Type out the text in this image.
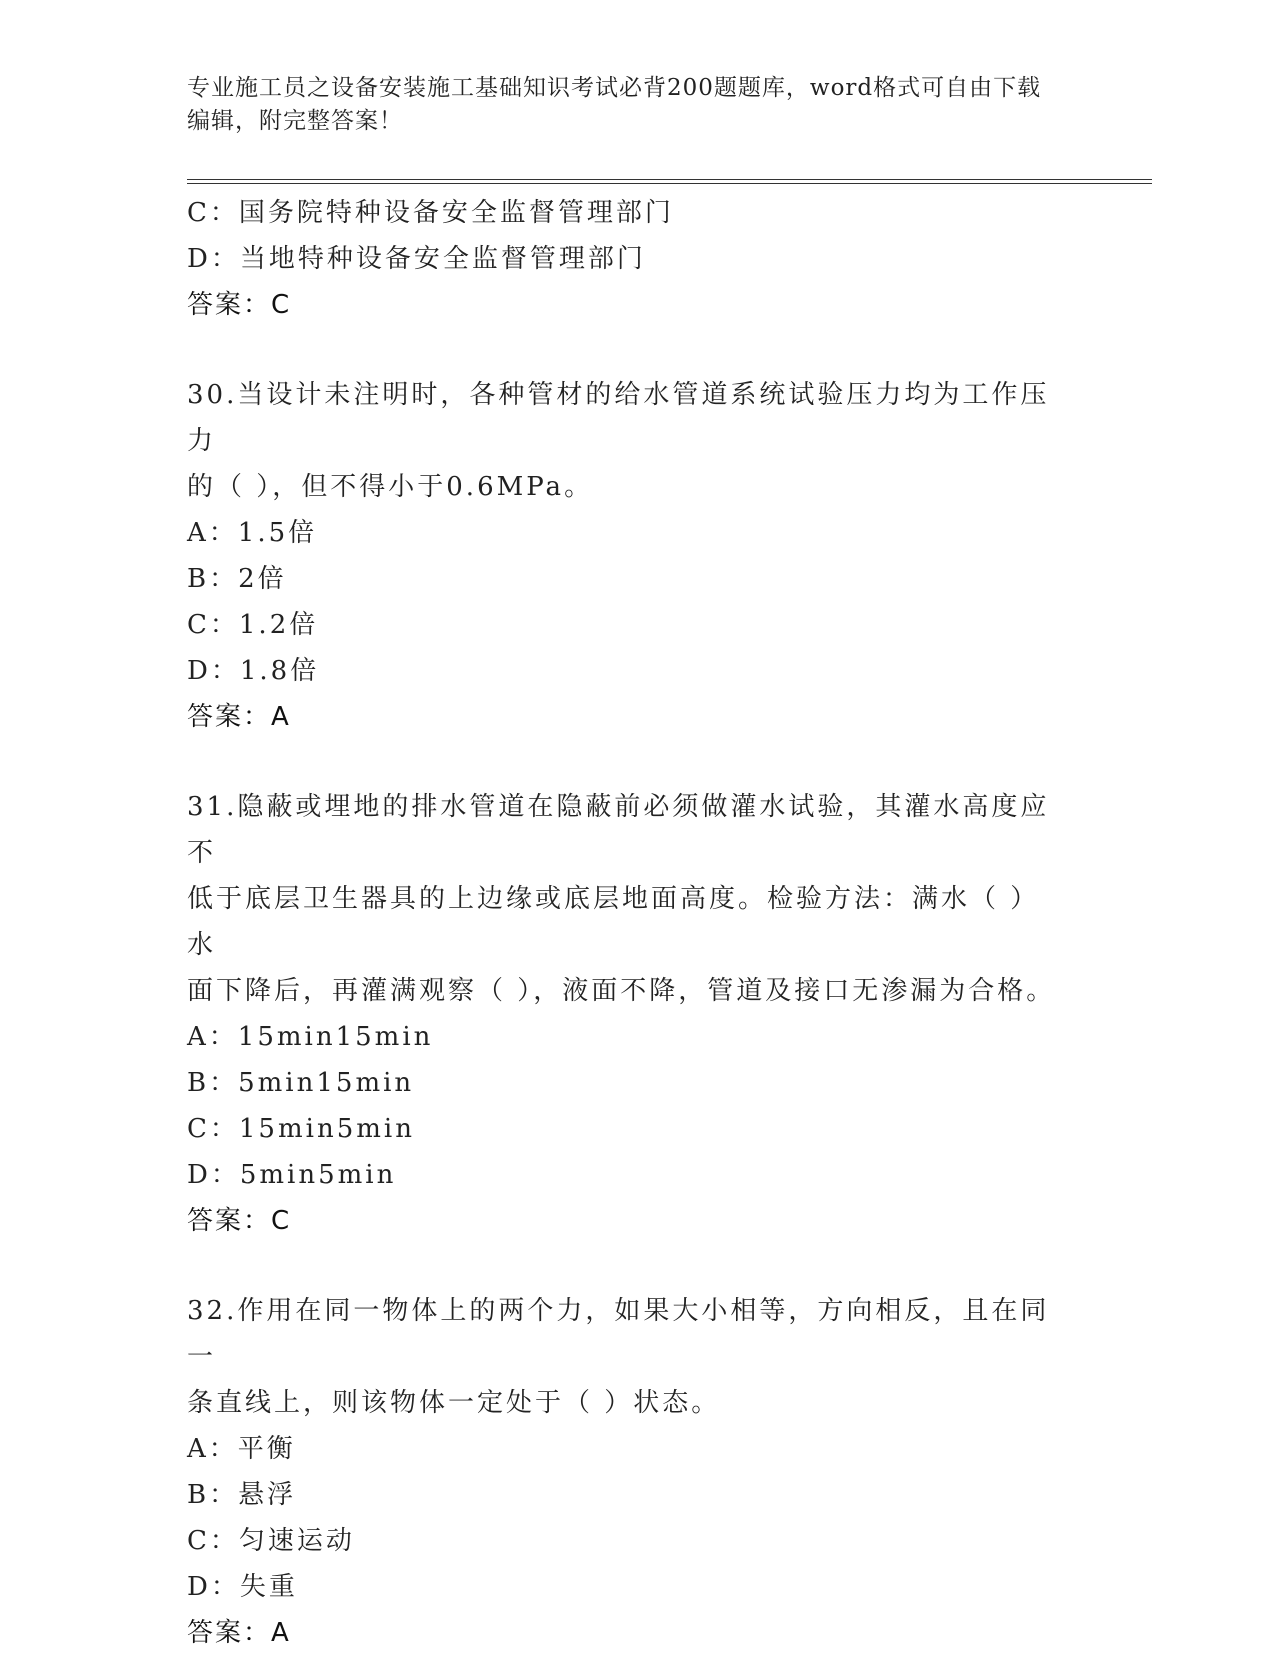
专业施工员之设备安装施工基础知识考试必背200题题库，word格式可自由下载
编辑，附完整答案！
C：国务院特种设备安全监督管理部门
D：当地特种设备安全监督管理部门
答案：C
30.当设计未注明时，各种管材的给水管道系统试验压力均为工作压力
的（ ），但不得小于0.6MPa。
A：1.5倍
B：2倍
C：1.2倍
D：1.8倍
答案：A
31.隐蔽或埋地的排水管道在隐蔽前必须做灌水试验，其灌水高度应不
低于底层卫生器具的上边缘或底层地面高度。检验方法：满水（ ）水
面下降后，再灌满观察（ ），液面不降，管道及接口无渗漏为合格。
A：15min15min
B：5min15min
C：15min5min
D：5min5min
答案：C
32.作用在同一物体上的两个力，如果大小相等，方向相反，且在同一
条直线上，则该物体一定处于（ ）状态。
A：平衡
B：悬浮
C：匀速运动
D：失重
答案：A
